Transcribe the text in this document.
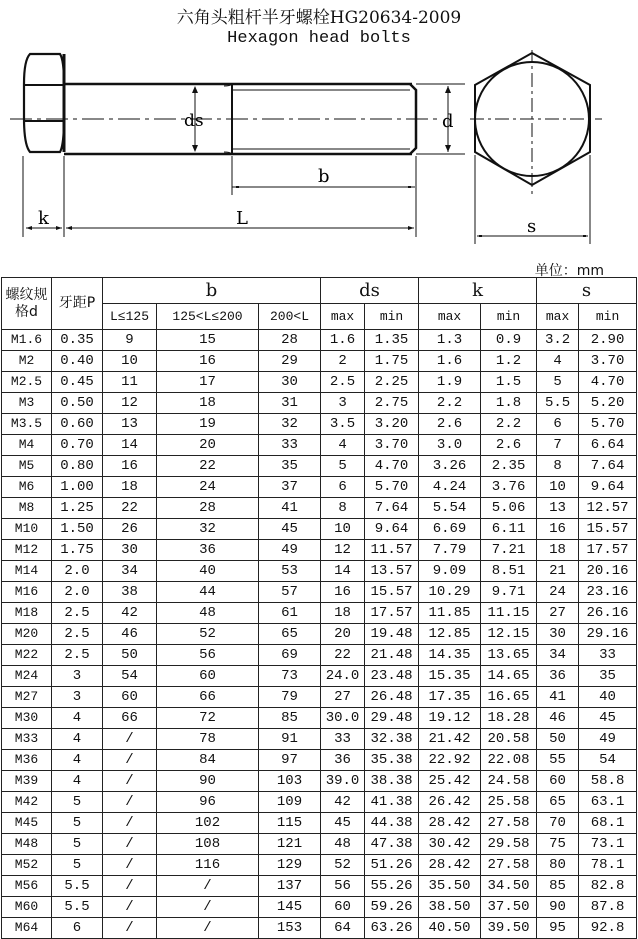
六角头粗杆半牙螺栓HG20634-2009
Hexagon head bolts
ds	d
b
k	L	s
单位：mm
螺纹规格d	牙距P	b			ds		k		s	
		L≤125	125<L≤200	200<L	max	min	max	min	max	min
M1.6	0.35	9	15	28	1.6	1.35	1.3	0.9	3.2	2.90
M2	0.40	10	16	29	2	1.75	1.6	1.2	4	3.70
M2.5	0.45	11	17	30	2.5	2.25	1.9	1.5	5	4.70
M3	0.50	12	18	31	3	2.75	2.2	1.8	5.5	5.20
M3.5	0.60	13	19	32	3.5	3.20	2.6	2.2	6	5.70
M4	0.70	14	20	33	4	3.70	3.0	2.6	7	6.64
M5	0.80	16	22	35	5	4.70	3.26	2.35	8	7.64
M6	1.00	18	24	37	6	5.70	4.24	3.76	10	9.64
M8	1.25	22	28	41	8	7.64	5.54	5.06	13	12.57
M10	1.50	26	32	45	10	9.64	6.69	6.11	16	15.57
M12	1.75	30	36	49	12	11.57	7.79	7.21	18	17.57
M14	2.0	34	40	53	14	13.57	9.09	8.51	21	20.16
M16	2.0	38	44	57	16	15.57	10.29	9.71	24	23.16
M18	2.5	42	48	61	18	17.57	11.85	11.15	27	26.16
M20	2.5	46	52	65	20	19.48	12.85	12.15	30	29.16
M22	2.5	50	56	69	22	21.48	14.35	13.65	34	33
M24	3	54	60	73	24.0	23.48	15.35	14.65	36	35
M27	3	60	66	79	27	26.48	17.35	16.65	41	40
M30	4	66	72	85	30.0	29.48	19.12	18.28	46	45
M33	4	/	78	91	33	32.38	21.42	20.58	50	49
M36	4	/	84	97	36	35.38	22.92	22.08	55	54
M39	4	/	90	103	39.0	38.38	25.42	24.58	60	58.8
M42	5	/	96	109	42	41.38	26.42	25.58	65	63.1
M45	5	/	102	115	45	44.38	28.42	27.58	70	68.1
M48	5	/	108	121	48	47.38	30.42	29.58	75	73.1
M52	5	/	116	129	52	51.26	28.42	27.58	80	78.1
M56	5.5	/	/	137	56	55.26	35.50	34.50	85	82.8
M60	5.5	/	/	145	60	59.26	38.50	37.50	90	87.8
M64	6	/	/	153	64	63.26	40.50	39.50	95	92.8
